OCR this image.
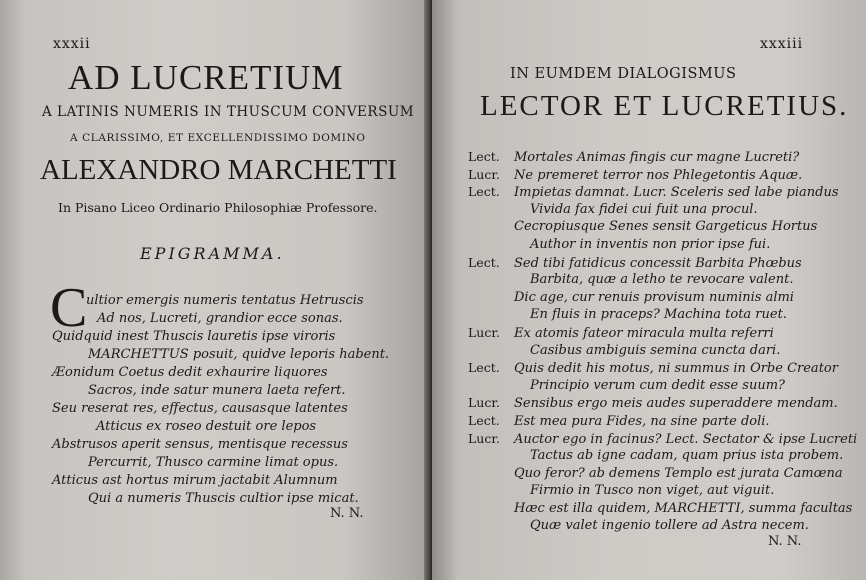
xxxii
AD LUCRETIUM
A LATINIS NUMERIS IN THUSCUM CONVERSUM
A CLARISSIMO, ET EXCELLENDISSIMO DOMINO
ALEXANDRO MARCHETTI
In Pisano Liceo Ordinario Philosophiæ Professore.
EPIGRAMMA.
C
ultior emergis numeris tentatus Hetruscis
Ad nos, Lucreti, grandior ecce sonas.
Quidquid inest Thuscis lauretis ipse viroris
MARCHETTUS posuit, quidve leporis habent.
Æonidum Coetus dedit exhaurire liquores
Sacros, inde satur munera laeta refert.
Seu reserat res, effectus, causasque latentes
Atticus ex roseo destuit ore lepos
Abstrusos aperit sensus, mentisque recessus
Percurrit, Thusco carmine limat opus.
Atticus ast hortus mirum jactabit Alumnum
Qui a numeris Thuscis cultior ipse micat.
N. N.
xxxiii
IN EUMDEM DIALOGISMUS
LECTOR ET LUCRETIUS.
Lect. Mortales Animas fingis cur magne Lucreti?
Lucr. Ne premeret terror nos Phlegetontis Aquæ.
Lect. Impietas damnat. Lucr. Sceleris sed labe piandus
Vivida fax fidei cui fuit una procul.
Cecropiusque Senes sensit Gargeticus Hortus
Author in inventis non prior ipse fui.
Lect. Sed tibi fatidicus concessit Barbita Phœbus
Barbita, quæ a letho te revocare valent.
Dic age, cur renuis provisum numinis almi
En fluis in praceps? Machina tota ruet.
Lucr. Ex atomis fateor miracula multa referri
Casibus ambiguis semina cuncta dari.
Lect. Quis dedit his motus, ni summus in Orbe Creator
Principio verum cum dedit esse suum?
Lucr. Sensibus ergo meis audes superaddere mendam.
Lect. Est mea pura Fides, na sine parte doli.
Lucr. Auctor ego in facinus? Lect. Sectator & ipse Lucreti
Tactus ab igne cadam, quam prius ista probem.
Quo feror? ab demens Templo est jurata Camœna
Firmio in Tusco non viget, aut viguit.
Hæc est illa quidem, MARCHETTI, summa facultas
Quæ valet ingenio tollere ad Astra necem.
N. N.
